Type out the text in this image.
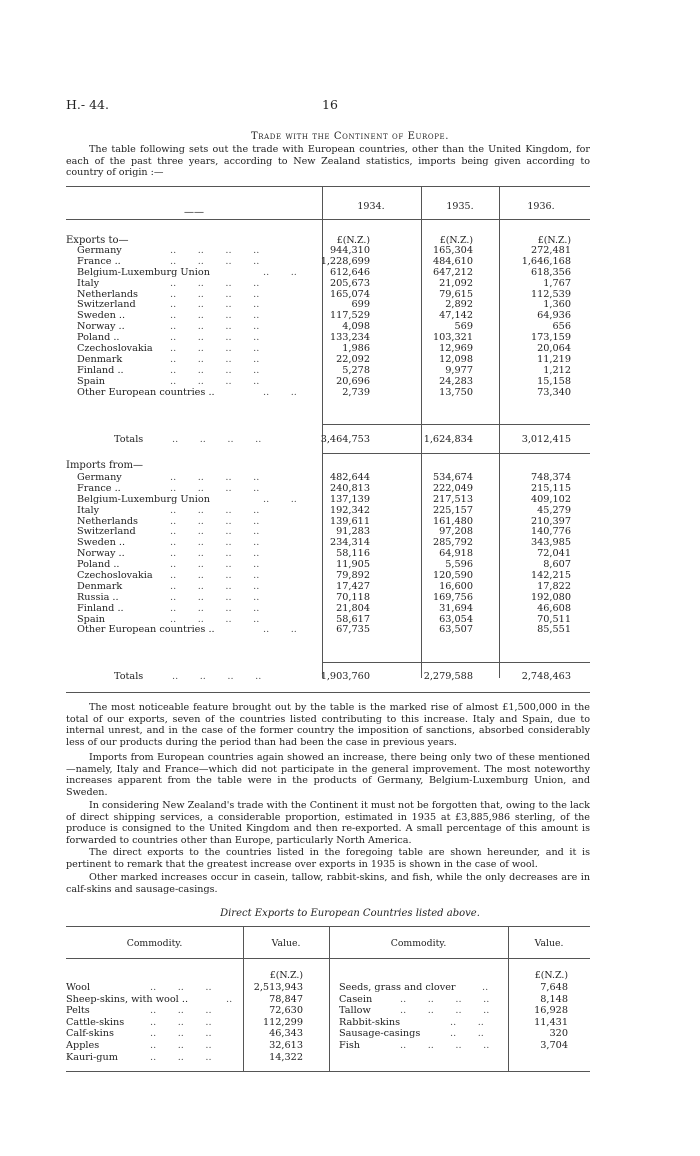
H.- 44.	16
Trade with the Continent of Europe.

The table following sets out the trade with European countries, other than the United Kingdom, for each of the past three years, according to New Zealand statistics, imports being given according to country of origin :—

——
1934.	1935.	1936.
Exports to—	£(N.Z.)	£(N.Z.)	£(N.Z.)
Germany	..       ..       ..       ..	944,310	165,304	272,481
France ..	..       ..       ..       ..	1,228,699	484,610	1,646,168
Belgium-Luxemburg Union	..       ..	612,646	647,212	618,356
Italy	..       ..       ..       ..	205,673	21,092	1,767
Netherlands	..       ..       ..       ..	165,074	79,615	112,539
Switzerland	..       ..       ..       ..	699	2,892	1,360
Sweden ..	..       ..       ..       ..	117,529	47,142	64,936
Norway ..	..       ..       ..       ..	4,098	569	656
Poland ..	..       ..       ..       ..	133,234	103,321	173,159
Czechoslovakia ..       ..       ..       ..	1,986	12,969	20,064
Denmark	..       ..       ..       ..	22,092	12,098	11,219
Finland ..	..       ..       ..       ..	5,278	9,977	1,212
Spain	..       ..       ..       ..	20,696	24,283	15,158
Other European countries ..	..       ..	2,739	13,750	73,340
Totals	..       ..       ..       ..	3,464,753	1,624,834	3,012,415
Imports from—
Germany	..       ..       ..       ..	482,644	534,674	748,374
France ..	..       ..       ..       ..	240,813	222,049	215,115
Belgium-Luxemburg Union	..       ..	137,139	217,513	409,102
Italy	..       ..       ..       ..	192,342	225,157	45,279
Netherlands	..       ..       ..       ..	139,611	161,480	210,397
Switzerland	..       ..       ..       ..	91,283	97,208	140,776
Sweden ..	..       ..       ..       ..	234,314	285,792	343,985
Norway ..	..       ..       ..       ..	58,116	64,918	72,041
Poland ..	..       ..       ..       ..	11,905	5,596	8,607
Czechoslovakia ..       ..       ..       ..	79,892	120,590	142,215
Denmark	..       ..       ..       ..	17,427	16,600	17,822
Russia ..	..       ..       ..       ..	70,118	169,756	192,080
Finland ..	..       ..       ..       ..	21,804	31,694	46,608
Spain	..       ..       ..       ..	58,617	63,054	70,511
Other European countries ..	..       ..	67,735	63,507	85,551
Totals	..       ..       ..       ..	1,903,760	2,279,588	2,748,463

The most noticeable feature brought out by the table is the marked rise of almost £1,500,000 in the total of our exports, seven of the countries listed contributing to this increase. Italy and Spain, due to internal unrest, and in the case of the former country the imposition of sanctions, absorbed considerably less of our products during the period than had been the case in previous years.

Imports from European countries again showed an increase, there being only two of these mentioned—namely, Italy and France—which did not participate in the general improvement. The most noteworthy increases apparent from the table were in the products of Germany, Belgium-Luxemburg Union, and Sweden.

In considering New Zealand's trade with the Continent it must not be forgotten that, owing to the lack of direct shipping services, a considerable proportion, estimated in 1935 at £3,885,986 sterling, of the produce is consigned to the United Kingdom and then re-exported. A small percentage of this amount is forwarded to countries other than Europe, particularly North America.

The direct exports to the countries listed in the foregoing table are shown hereunder, and it is pertinent to remark that the greatest increase over exports in 1935 is shown in the case of wool.

Other marked increases occur in casein, tallow, rabbit-skins, and fish, while the only decreases are in calf-skins and sausage-casings.

Direct Exports to European Countries listed above.
Commodity.	Value.	Commodity.	Value.
£(N.Z.)	£(N.Z.)
Wool	..       ..       ..	2,513,943	Seeds, grass and clover	..	7,648
Sheep-skins, with wool ..	..	78,847	Casein	..       ..       ..       ..	8,148
Pelts	..       ..       ..	72,630	Tallow	..       ..       ..       ..	16,928
Cattle-skins	..       ..       ..	112,299	Rabbit-skins	..       ..	11,431
Calf-skins	..       ..       ..	46,343	Sausage-casings	..       ..	320
Apples	..       ..       ..	32,613	Fish	..       ..       ..       ..	3,704
Kauri-gum	..       ..       ..	14,322
